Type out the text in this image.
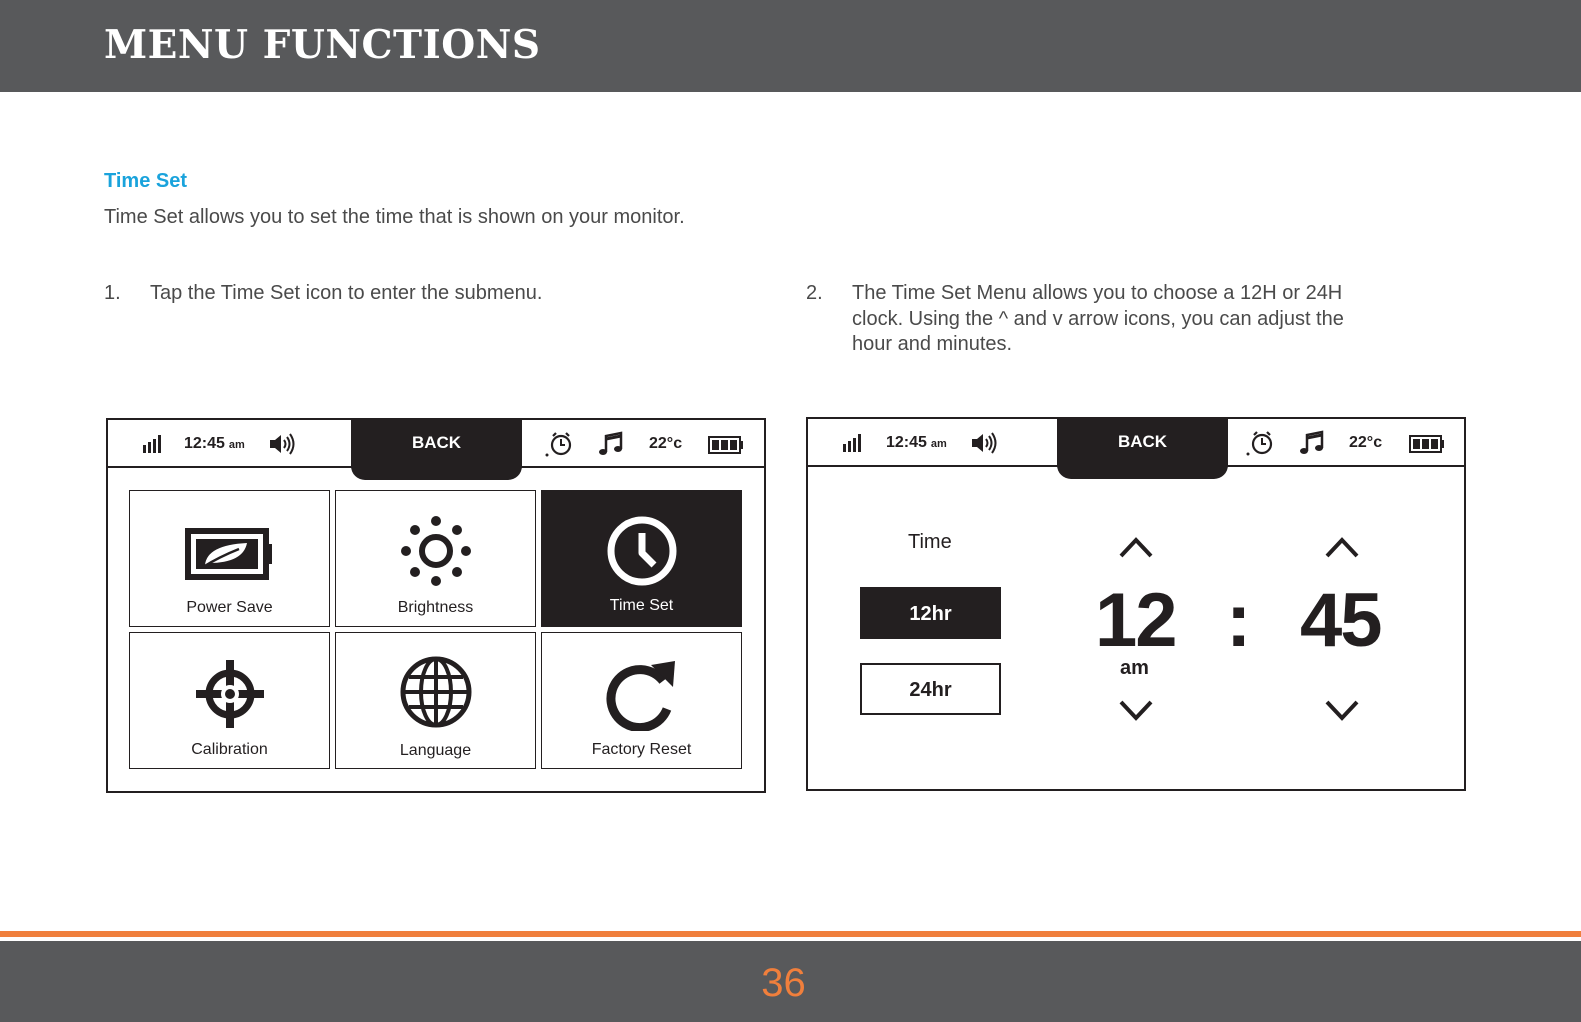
MENU FUNCTIONS
Time Set
Time Set allows you to set the time that is shown on your monitor.
1. Tap the Time Set icon to enter the submenu.	2. The Time Set Menu allows you to choose a 12H or 24H
clock. Using the ^ and v arrow icons, you can adjust the
hour and minutes.
12:45 am	BACK	22°c
Power Save	Brightness	Time Set
Calibration	Language	Factory Reset
12:45 am	BACK	22°c
Time
12hr
24hr
12 : 45
am
36
